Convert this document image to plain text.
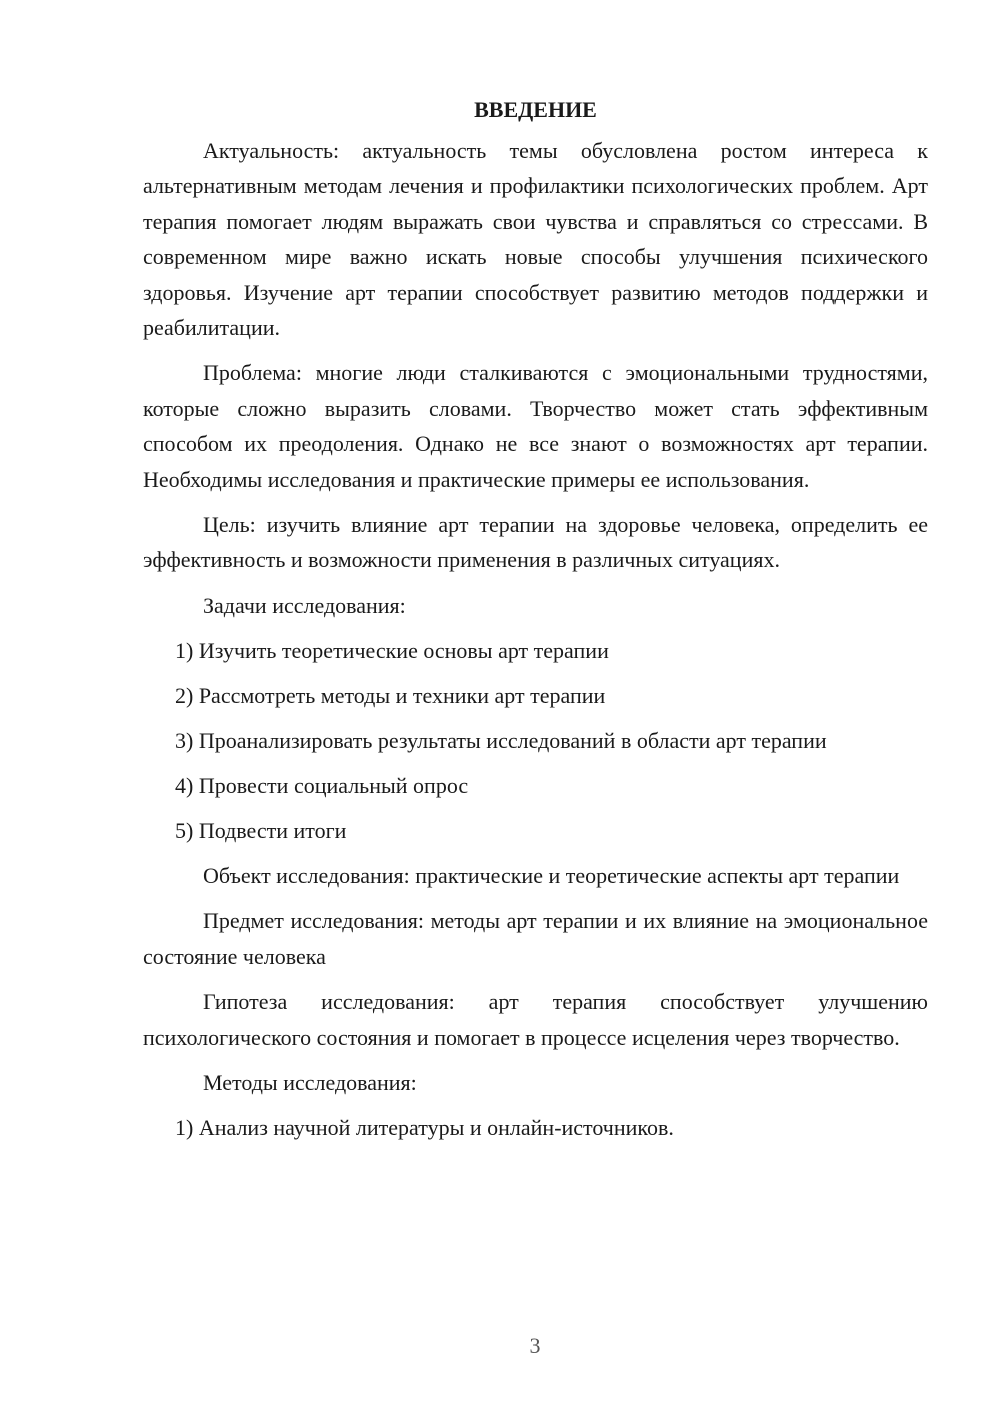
ВВЕДЕНИЕ

Актуальность: актуальность темы обусловлена ростом интереса к альтернативным методам лечения и профилактики психологических проблем. Арт терапия помогает людям выражать свои чувства и справляться со стрессами. В современном мире важно искать новые способы улучшения психического здоровья. Изучение арт терапии способствует развитию методов поддержки и реабилитации.

Проблема: многие люди сталкиваются с эмоциональными трудностями, которые сложно выразить словами. Творчество может стать эффективным способом их преодоления. Однако не все знают о возможностях арт терапии. Необходимы исследования и практические примеры ее использования.

Цель: изучить влияние арт терапии на здоровье человека, определить ее эффективность и возможности применения в различных ситуациях.

Задачи исследования:
1) Изучить теоретические основы арт терапии
2) Рассмотреть методы и техники арт терапии
3) Проанализировать результаты исследований в области арт терапии
4) Провести социальный опрос
5) Подвести итоги

Объект исследования: практические и теоретические аспекты арт терапии

Предмет исследования: методы арт терапии и их влияние на эмоциональное состояние человека

Гипотеза исследования: арт терапия способствует улучшению психологического состояния и помогает в процессе исцеления через творчество.

Методы исследования:
1) Анализ научной литературы и онлайн-источников.
3
